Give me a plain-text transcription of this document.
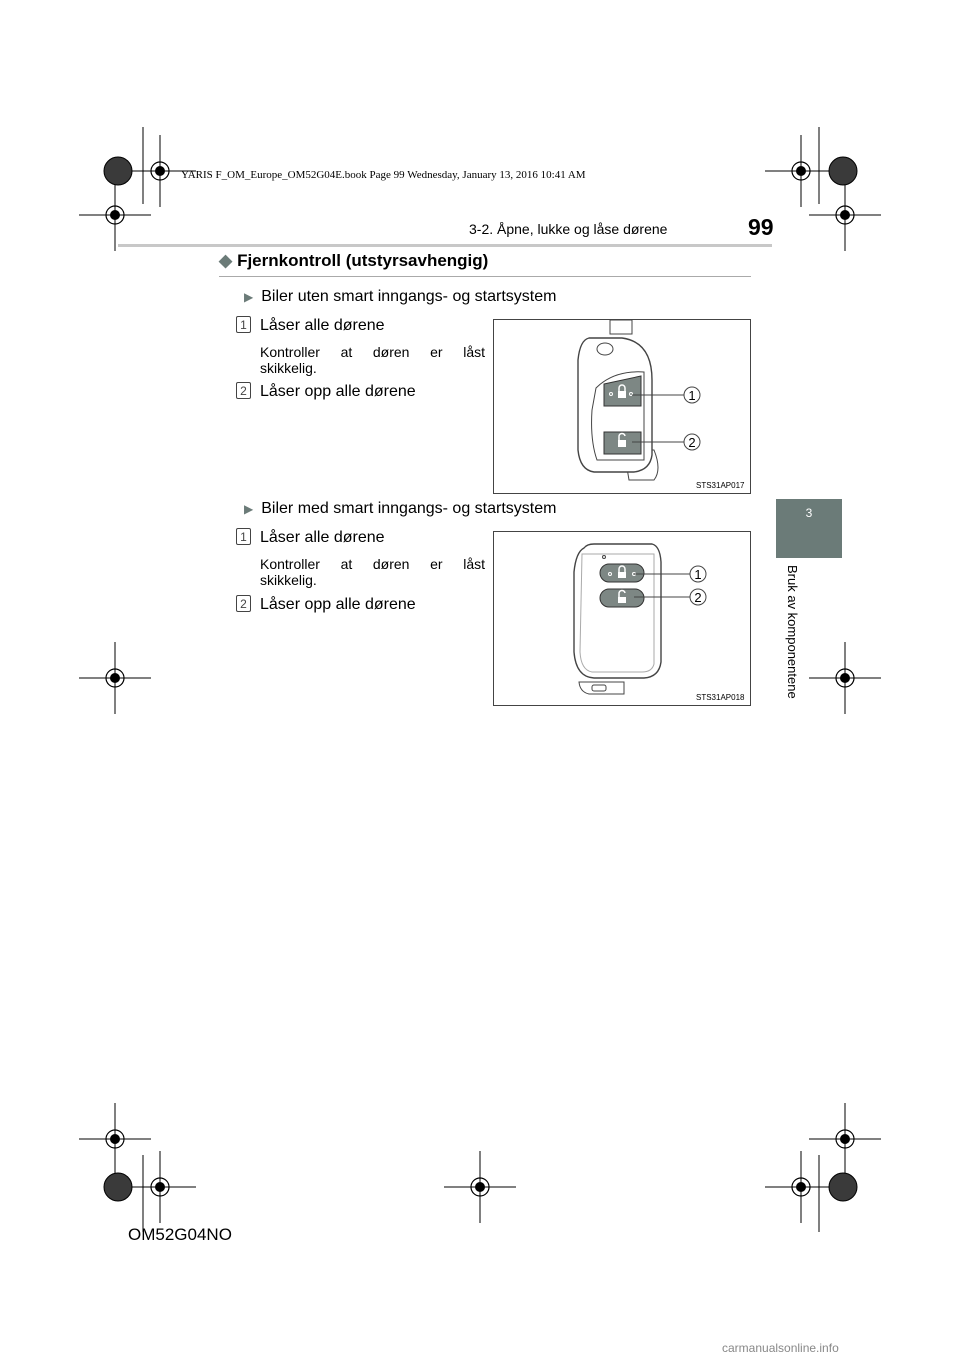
YARIS F_OM_Europe_OM52G04E.book Page 99 Wednesday, January 13, 2016 10:41 AM
3-2. Åpne, lukke og låse dørene	99
3
Bruk av komponentene
◆ Fjernkontroll (utstyrsavhengig)
▶ Biler uten smart inngangs- og startsystem
1 Låser alle dørene
Kontroller at døren er låst
skikkelig.
2 Låser opp alle dørene	1
2
STS31AP017
▶ Biler med smart inngangs- og startsystem
1 Låser alle dørene
Kontroller at døren er låst
skikkelig.
2 Låser opp alle dørene
1
2
STS31AP018
OM52G04NO
carmanualsonline.info
